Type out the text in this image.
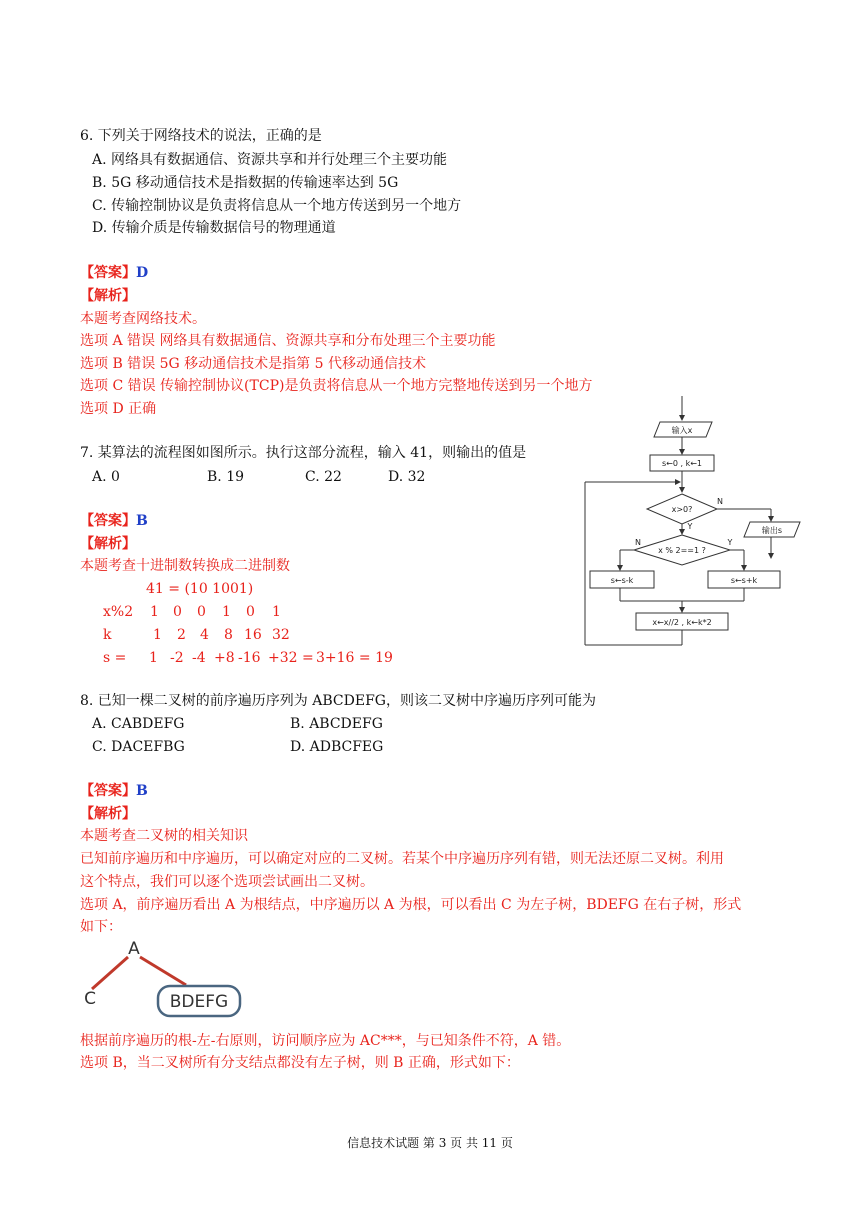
6. 下列关于网络技术的说法，正确的是
A. 网络具有数据通信、资源共享和并行处理三个主要功能
B. 5G 移动通信技术是指数据的传输速率达到 5G
C. 传输控制协议是负责将信息从一个地方传送到另一个地方
D. 传输介质是传输数据信号的物理通道
【答案】D
【解析】
本题考查网络技术。
选项 A 错误 网络具有数据通信、资源共享和分布处理三个主要功能
选项 B 错误 5G 移动通信技术是指第 5 代移动通信技术
选项 C 错误 传输控制协议(TCP)是负责将信息从一个地方完整地传送到另一个地方
选项 D 正确
7. 某算法的流程图如图所示。执行这部分流程，输入 41，则输出的值是
A. 0	B. 19	C. 22	D. 32
【答案】B
【解析】
本题考查十进制数转换成二进制数
41 = (10 1001)
x%2 1 0 0 1 0 1
k	1 2 4 8 16 32
s = 1 -2 -4 +8 -16 +32 = 3+16 = 19
输入x
s←0 , k←1
x>0?
N
Y	输出s
x % 2==1 ?
N	Y
s←s-k	s←s+k
x←x//2 , k←k*2
8. 已知一棵二叉树的前序遍历序列为 ABCDEFG，则该二叉树中序遍历序列可能为
A. CABDEFG	B. ABCDEFG
C. DACEFBG	D. ADBCFEG
【答案】B
【解析】
本题考查二叉树的相关知识
已知前序遍历和中序遍历，可以确定对应的二叉树。若某个中序遍历序列有错，则无法还原二叉树。利用
这个特点，我们可以逐个选项尝试画出二叉树。
选项 A，前序遍历看出 A 为根结点，中序遍历以 A 为根，可以看出 C 为左子树，BDEFG 在右子树，形式
如下：
A
C	BDEFG
根据前序遍历的根-左-右原则，访问顺序应为 AC***，与已知条件不符，A 错。
选项 B，当二叉树所有分支结点都没有左子树，则 B 正确，形式如下：
信息技术试题 第 3 页 共 11 页
